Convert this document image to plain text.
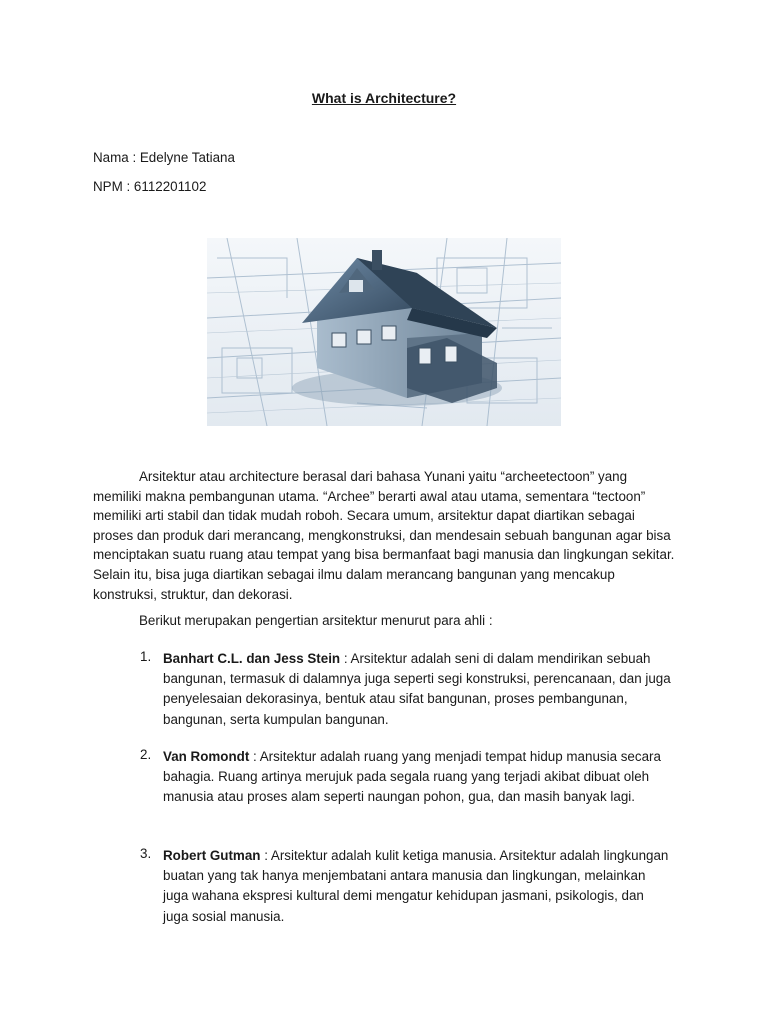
What is Architecture?
Nama : Edelyne Tatiana
NPM : 6112201102

Arsitektur atau architecture berasal dari bahasa Yunani yaitu “archeetectoon” yang memiliki makna pembangunan utama. “Archee” berarti awal atau utama, sementara “tectoon” memiliki arti stabil dan tidak mudah roboh. Secara umum, arsitektur dapat diartikan sebagai proses dan produk dari merancang, mengkonstruksi, dan mendesain sebuah bangunan agar bisa menciptakan suatu ruang atau tempat yang bisa bermanfaat bagi manusia dan lingkungan sekitar. Selain itu, bisa juga diartikan sebagai ilmu dalam merancang bangunan yang mencakup konstruksi, struktur, dan dekorasi.

Berikut merupakan pengertian arsitektur menurut para ahli :

1. Banhart C.L. dan Jess Stein : Arsitektur adalah seni di dalam mendirikan sebuah bangunan, termasuk di dalamnya juga seperti segi konstruksi, perencanaan, dan juga penyelesaian dekorasinya, bentuk atau sifat bangunan, proses pembangunan, bangunan, serta kumpulan bangunan.
2. Van Romondt : Arsitektur adalah ruang yang menjadi tempat hidup manusia secara bahagia. Ruang artinya merujuk pada segala ruang yang terjadi akibat dibuat oleh manusia atau proses alam seperti naungan pohon, gua, dan masih banyak lagi.
3. Robert Gutman : Arsitektur adalah kulit ketiga manusia. Arsitektur adalah lingkungan buatan yang tak hanya menjembatani antara manusia dan lingkungan, melainkan juga wahana ekspresi kultural demi mengatur kehidupan jasmani, psikologis, dan juga sosial manusia.
